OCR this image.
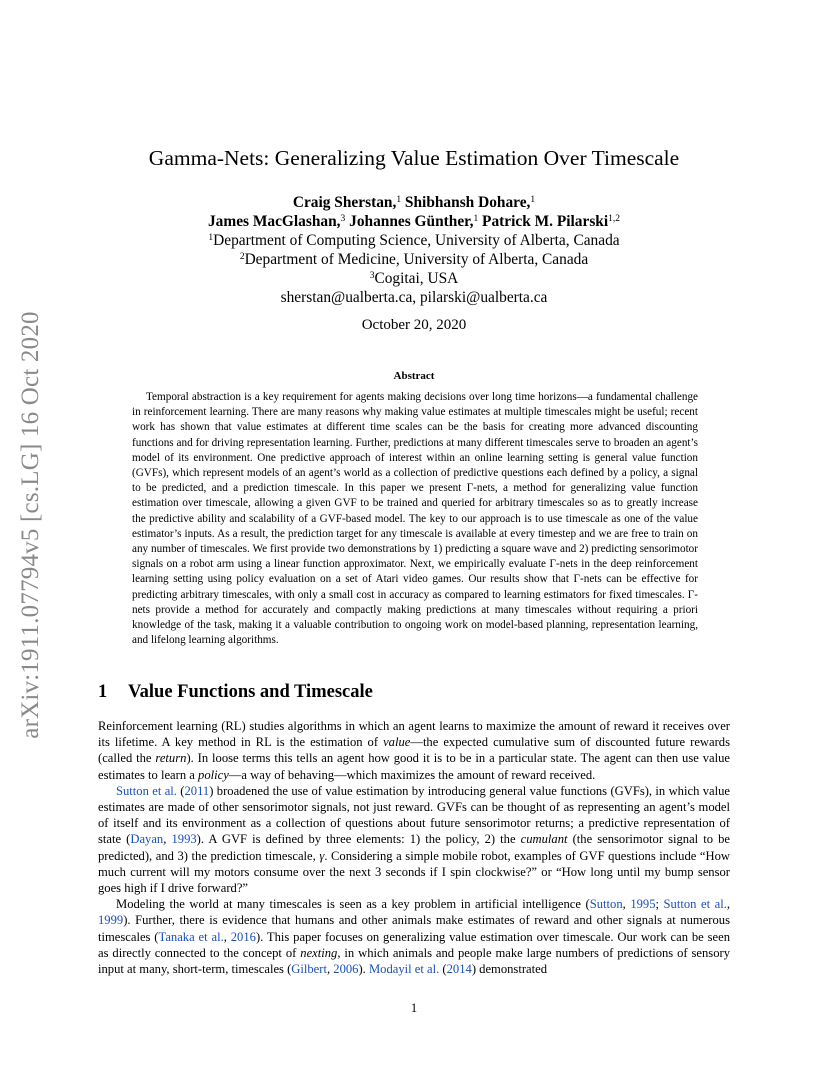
arXiv:1911.07794v5 [cs.LG] 16 Oct 2020
Gamma-Nets: Generalizing Value Estimation Over Timescale
Craig Sherstan,$^1$ Shibhansh Dohare,$^1$
James MacGlashan,$^3$ Johannes Günther,$^1$ Patrick M. Pilarski$^{1,2}$
$^1$Department of Computing Science, University of Alberta, Canada
$^2$Department of Medicine, University of Alberta, Canada
$^3$Cogitai, USA
sherstan@ualberta.ca, pilarski@ualberta.ca
October 20, 2020
Abstract

Temporal abstraction is a key requirement for agents making decisions over long time horizons—a fundamental challenge in reinforcement learning. There are many reasons why making value estimates at multiple timescales might be useful; recent work has shown that value estimates at different time scales can be the basis for creating more advanced discounting functions and for driving representation learning. Further, predictions at many different timescales serve to broaden an agent’s model of its environment. One predictive approach of interest within an online learning setting is general value function (GVFs), which represent models of an agent’s world as a collection of predictive questions each defined by a policy, a signal to be predicted, and a prediction timescale. In this paper we present Γ-nets, a method for generalizing value function estimation over timescale, allowing a given GVF to be trained and queried for arbitrary timescales so as to greatly increase the predictive ability and scalability of a GVF-based model. The key to our approach is to use timescale as one of the value estimator’s inputs. As a result, the prediction target for any timescale is available at every timestep and we are free to train on any number of timescales. We first provide two demonstrations by 1) predicting a square wave and 2) predicting sensorimotor signals on a robot arm using a linear function approximator. Next, we empirically evaluate Γ-nets in the deep reinforcement learning setting using policy evaluation on a set of Atari video games. Our results show that Γ-nets can be effective for predicting arbitrary timescales, with only a small cost in accuracy as compared to learning estimators for fixed timescales. Γ-nets provide a method for accurately and compactly making predictions at many timescales without requiring a priori knowledge of the task, making it a valuable contribution to ongoing work on model-based planning, representation learning, and lifelong learning algorithms.

1 Value Functions and Timescale

Reinforcement learning (RL) studies algorithms in which an agent learns to maximize the amount of reward it receives over its lifetime. A key method in RL is the estimation of value—the expected cumulative sum of discounted future rewards (called the return). In loose terms this tells an agent how good it is to be in a particular state. The agent can then use value estimates to learn a policy—a way of behaving—which maximizes the amount of reward received.

Sutton et al. (2011) broadened the use of value estimation by introducing general value functions (GVFs), in which value estimates are made of other sensorimotor signals, not just reward. GVFs can be thought of as representing an agent’s model of itself and its environment as a collection of questions about future sensorimotor returns; a predictive representation of state (Dayan, 1993). A GVF is defined by three elements: 1) the policy, 2) the cumulant (the sensorimotor signal to be predicted), and 3) the prediction timescale, γ. Considering a simple mobile robot, examples of GVF questions include “How much current will my motors consume over the next 3 seconds if I spin clockwise?” or “How long until my bump sensor goes high if I drive forward?”

Modeling the world at many timescales is seen as a key problem in artificial intelligence (Sutton, 1995; Sutton et al., 1999). Further, there is evidence that humans and other animals make estimates of reward and other signals at numerous timescales (Tanaka et al., 2016). This paper focuses on generalizing value estimation over timescale. Our work can be seen as directly connected to the concept of nexting, in which animals and people make large numbers of predictions of sensory input at many, short-term, timescales (Gilbert, 2006). Modayil et al. (2014) demonstrated

1
